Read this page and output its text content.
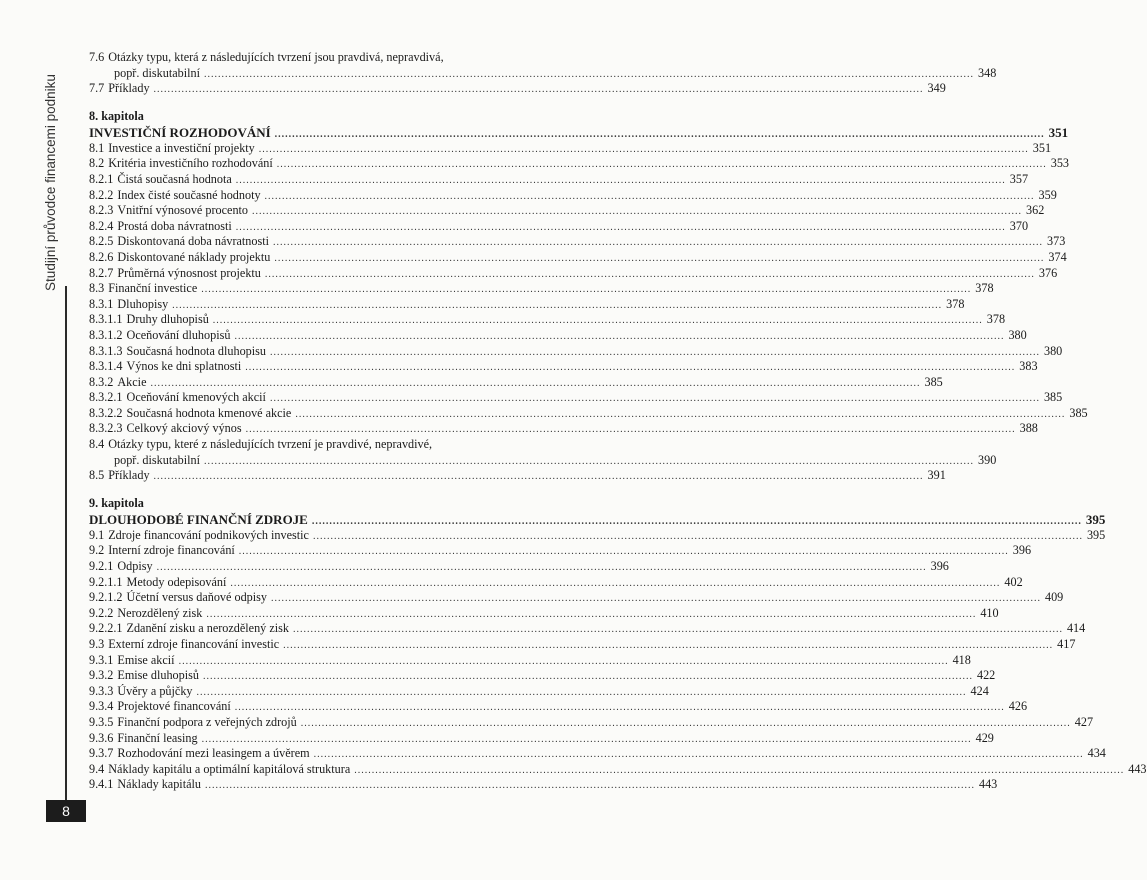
Studijní průvodce financemi podniku
8
7.6 Otázky typu, která z následujících tvrzení jsou pravdivá, nepravdivá,
popř. diskutabilní ............................................................................................................................................................................................................................ 348
7.7 Příklady ............................................................................................................................................................................................................................ 349
8. kapitola
INVESTIČNÍ ROZHODOVÁNÍ ............................................................................................................................................................................................................................ 351
8.1 Investice a investiční projekty ............................................................................................................................................................................................................................ 351
8.2 Kritéria investičního rozhodování ............................................................................................................................................................................................................................ 353
8.2.1 Čistá současná hodnota ............................................................................................................................................................................................................................ 357
8.2.2 Index čisté současné hodnoty ............................................................................................................................................................................................................................ 359
8.2.3 Vnitřní výnosové procento ............................................................................................................................................................................................................................ 362
8.2.4 Prostá doba návratnosti ............................................................................................................................................................................................................................ 370
8.2.5 Diskontovaná doba návratnosti ............................................................................................................................................................................................................................ 373
8.2.6 Diskontované náklady projektu ............................................................................................................................................................................................................................ 374
8.2.7 Průměrná výnosnost projektu ............................................................................................................................................................................................................................ 376
8.3 Finanční investice ............................................................................................................................................................................................................................ 378
8.3.1 Dluhopisy ............................................................................................................................................................................................................................ 378
8.3.1.1 Druhy dluhopisů ............................................................................................................................................................................................................................ 378
8.3.1.2 Oceňování dluhopisů ............................................................................................................................................................................................................................ 380
8.3.1.3 Současná hodnota dluhopisu ............................................................................................................................................................................................................................ 380
8.3.1.4 Výnos ke dni splatnosti ............................................................................................................................................................................................................................ 383
8.3.2 Akcie ............................................................................................................................................................................................................................ 385
8.3.2.1 Oceňování kmenových akcií ............................................................................................................................................................................................................................ 385
8.3.2.2 Současná hodnota kmenové akcie ............................................................................................................................................................................................................................ 385
8.3.2.3 Celkový akciový výnos ............................................................................................................................................................................................................................ 388
8.4 Otázky typu, které z následujících tvrzení je pravdivé, nepravdivé,
popř. diskutabilní ............................................................................................................................................................................................................................ 390
8.5 Příklady ............................................................................................................................................................................................................................ 391
9. kapitola
DLOUHODOBÉ FINANČNÍ ZDROJE ............................................................................................................................................................................................................................ 395
9.1 Zdroje financování podnikových investic ............................................................................................................................................................................................................................ 395
9.2 Interní zdroje financování ............................................................................................................................................................................................................................ 396
9.2.1 Odpisy ............................................................................................................................................................................................................................ 396
9.2.1.1 Metody odepisování ............................................................................................................................................................................................................................ 402
9.2.1.2 Účetní versus daňové odpisy ............................................................................................................................................................................................................................ 409
9.2.2 Nerozdělený zisk ............................................................................................................................................................................................................................ 410
9.2.2.1 Zdanění zisku a nerozdělený zisk ............................................................................................................................................................................................................................ 414
9.3 Externí zdroje financování investic ............................................................................................................................................................................................................................ 417
9.3.1 Emise akcií ............................................................................................................................................................................................................................ 418
9.3.2 Emise dluhopisů ............................................................................................................................................................................................................................ 422
9.3.3 Úvěry a půjčky ............................................................................................................................................................................................................................ 424
9.3.4 Projektové financování ............................................................................................................................................................................................................................ 426
9.3.5 Finanční podpora z veřejných zdrojů ............................................................................................................................................................................................................................ 427
9.3.6 Finanční leasing ............................................................................................................................................................................................................................ 429
9.3.7 Rozhodování mezi leasingem a úvěrem ............................................................................................................................................................................................................................ 434
9.4 Náklady kapitálu a optimální kapitálová struktura ............................................................................................................................................................................................................................ 443
9.4.1 Náklady kapitálu ............................................................................................................................................................................................................................ 443
